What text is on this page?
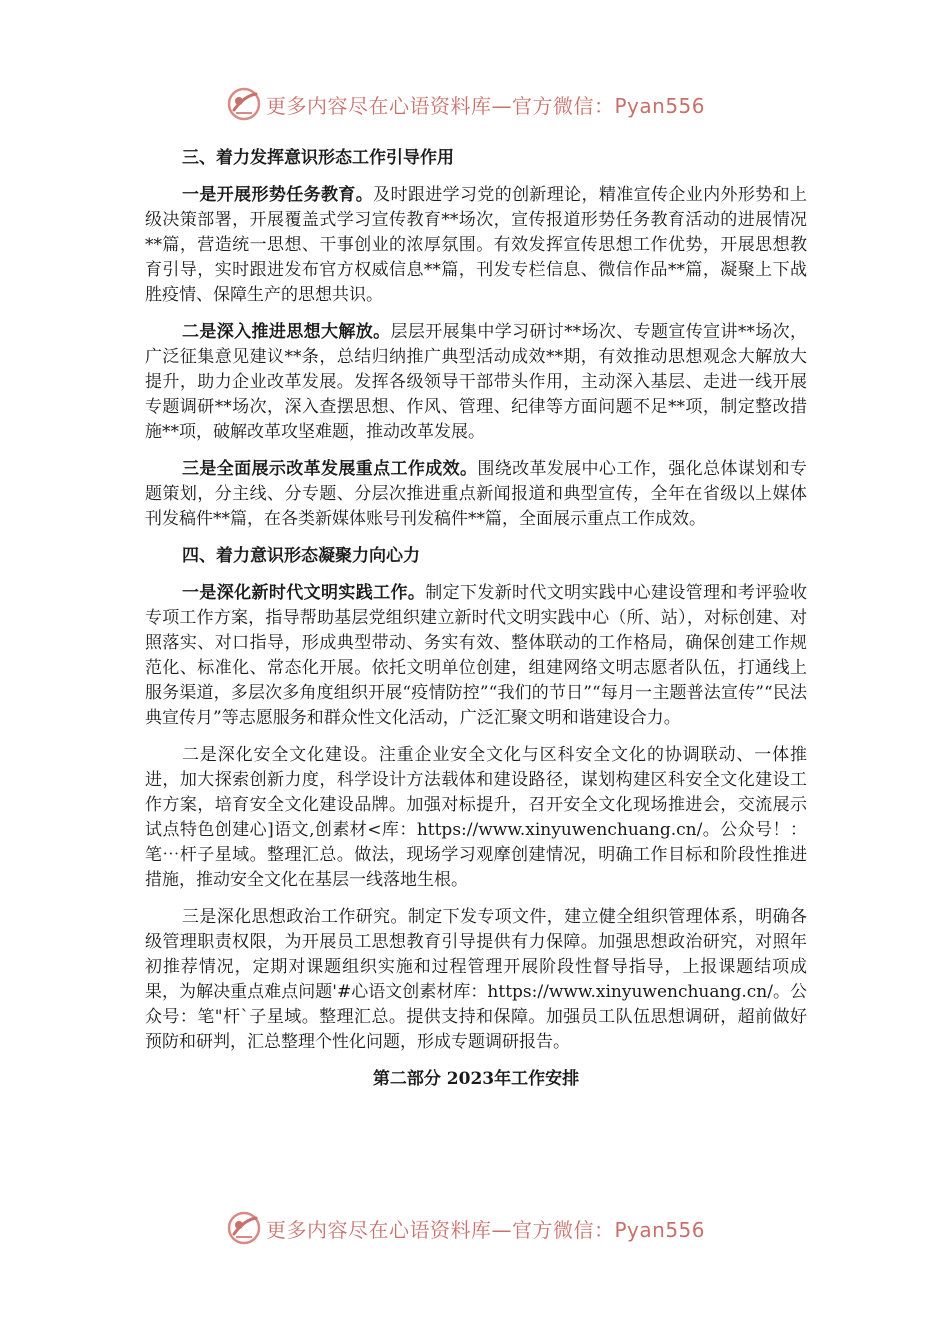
更多内容尽在心语资料库—官方微信：Pyan556
三、着力发挥意识形态工作引导作用

一是开展形势任务教育。及时跟进学习党的创新理论，精准宣传企业内外形势和上级决策部署，开展覆盖式学习宣传教育**场次，宣传报道形势任务教育活动的进展情况**篇，营造统一思想、干事创业的浓厚氛围。有效发挥宣传思想工作优势，开展思想教育引导，实时跟进发布官方权威信息**篇，刊发专栏信息、微信作品**篇，凝聚上下战胜疫情、保障生产的思想共识。

二是深入推进思想大解放。层层开展集中学习研讨**场次、专题宣传宣讲**场次，广泛征集意见建议**条，总结归纳推广典型活动成效**期，有效推动思想观念大解放大提升，助力企业改革发展。发挥各级领导干部带头作用，主动深入基层、走进一线开展专题调研**场次，深入查摆思想、作风、管理、纪律等方面问题不足**项，制定整改措施**项，破解改革攻坚难题，推动改革发展。

三是全面展示改革发展重点工作成效。围绕改革发展中心工作，强化总体谋划和专题策划，分主线、分专题、分层次推进重点新闻报道和典型宣传，全年在省级以上媒体刊发稿件**篇，在各类新媒体账号刊发稿件**篇，全面展示重点工作成效。

四、着力意识形态凝聚力向心力

一是深化新时代文明实践工作。制定下发新时代文明实践中心建设管理和考评验收专项工作方案，指导帮助基层党组织建立新时代文明实践中心（所、站），对标创建、对照落实、对口指导，形成典型带动、务实有效、整体联动的工作格局，确保创建工作规范化、标准化、常态化开展。依托文明单位创建，组建网络文明志愿者队伍，打通线上服务渠道，多层次多角度组织开展“疫情防控”“我们的节日”“每月一主题普法宣传”“民法典宣传月”等志愿服务和群众性文化活动，广泛汇聚文明和谐建设合力。

二是深化安全文化建设。注重企业安全文化与区科安全文化的协调联动、一体推进，加大探索创新力度，科学设计方法载体和建设路径，谋划构建区科安全文化建设工作方案，培育安全文化建设品牌。加强对标提升，召开安全文化现场推进会，交流展示试点特色创建心]语文,创素材<库：https://www.xinyuwenchuang.cn/。公众号！：笔⋯杆子星域。整理汇总。做法，现场学习观摩创建情况，明确工作目标和阶段性推进措施，推动安全文化在基层一线落地生根。

三是深化思想政治工作研究。制定下发专项文件，建立健全组织管理体系，明确各级管理职责权限，为开展员工思想教育引导提供有力保障。加强思想政治研究，对照年初推荐情况，定期对课题组织实施和过程管理开展阶段性督导指导，上报课题结项成果，为解决重点难点问题'#心语文创素材库：https://www.xinyuwenchuang.cn/。公众号：笔"杆`子星域。整理汇总。提供支持和保障。加强员工队伍思想调研，超前做好预防和研判，汇总整理个性化问题，形成专题调研报告。

第二部分 2023年工作安排
更多内容尽在心语资料库—官方微信：Pyan556
